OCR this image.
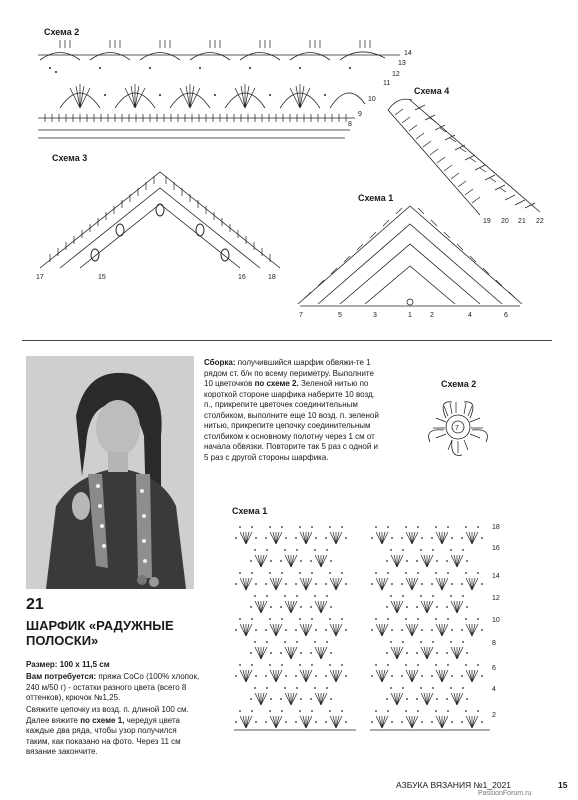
Схема 2
14
13
12
11
10
9
8
Схема 4
19 20 21 22
Схема 3
17	15	16	18
Схема 1
7	5	3	1	2	4	6
Сборка: получившийся шарфик обвяжи-те 1 рядом ст. б/н по всему периметру. Выполните 10 цветочков по схеме 2. Зеленой нитью по короткой стороне шарфика наберите 10 возд. п., прикрепите цветочек соединительным столбиком, выполните еще 10 возд. п. зеленой нитью, прикрепите цепочку соединительным столбиком к основному полотну через 1 см от начала обвязки. Повторите так 5 раз с одной и 5 раз с другой стороны шарфика.
Схема 2
7
21
ШАРФИК «РАДУЖНЫЕ ПОЛОСКИ»
Размер: 100 х 11,5 см
Вам потребуется: пряжа CoCo (100% хлопок, 240 м/50 г) - остатки разного цвета (всего 8 оттенков), крючок №1,25.
Свяжите цепочку из возд. п. длиной 100 см. Далее вяжите по схеме 1, чередуя цвета каждые два ряда, чтобы узор получился таким, как показано на фото. Через 11 см вязание закончите.
Схема 1
18
16
14
12
10
8
6
4
2
АЗБУКА ВЯЗАНИЯ №1_2021	15
PassionForum.ru
